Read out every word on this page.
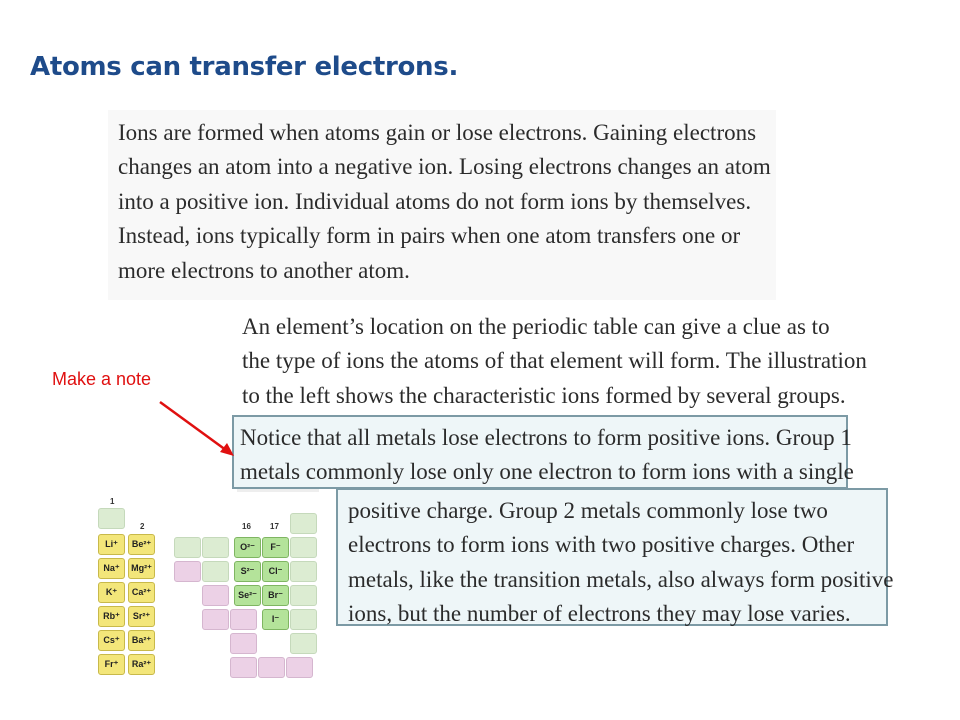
Atoms can transfer electrons.
Ions are formed when atoms gain or lose electrons. Gaining electrons
changes an atom into a negative ion. Losing electrons changes an atom
into a positive ion. Individual atoms do not form ions by themselves.
Instead, ions typically form in pairs when one atom transfers one or
more electrons to another atom.
An element’s location on the periodic table can give a clue as to
the type of ions the atoms of that element will form. The illustration
to the left shows the characteristic ions formed by several groups.
Notice that all metals lose electrons to form positive ions. Group 1
metals commonly lose only one electron to form ions with a single
positive charge. Group 2 metals commonly lose two
electrons to form ions with two positive charges. Other
metals, like the transition metals, also always form positive
ions, but the number of electrons they may lose varies.
Make a note
1
2	16 17
Li⁺
Na⁺
K⁺
Rb⁺
Cs⁺
Fr⁺
Be²⁺
Mg²⁺
Ca²⁺
Sr²⁺
Ba²⁺
Ra²⁺
O²⁻
S²⁻
Se²⁻
F⁻
Cl⁻
Br⁻
I⁻
